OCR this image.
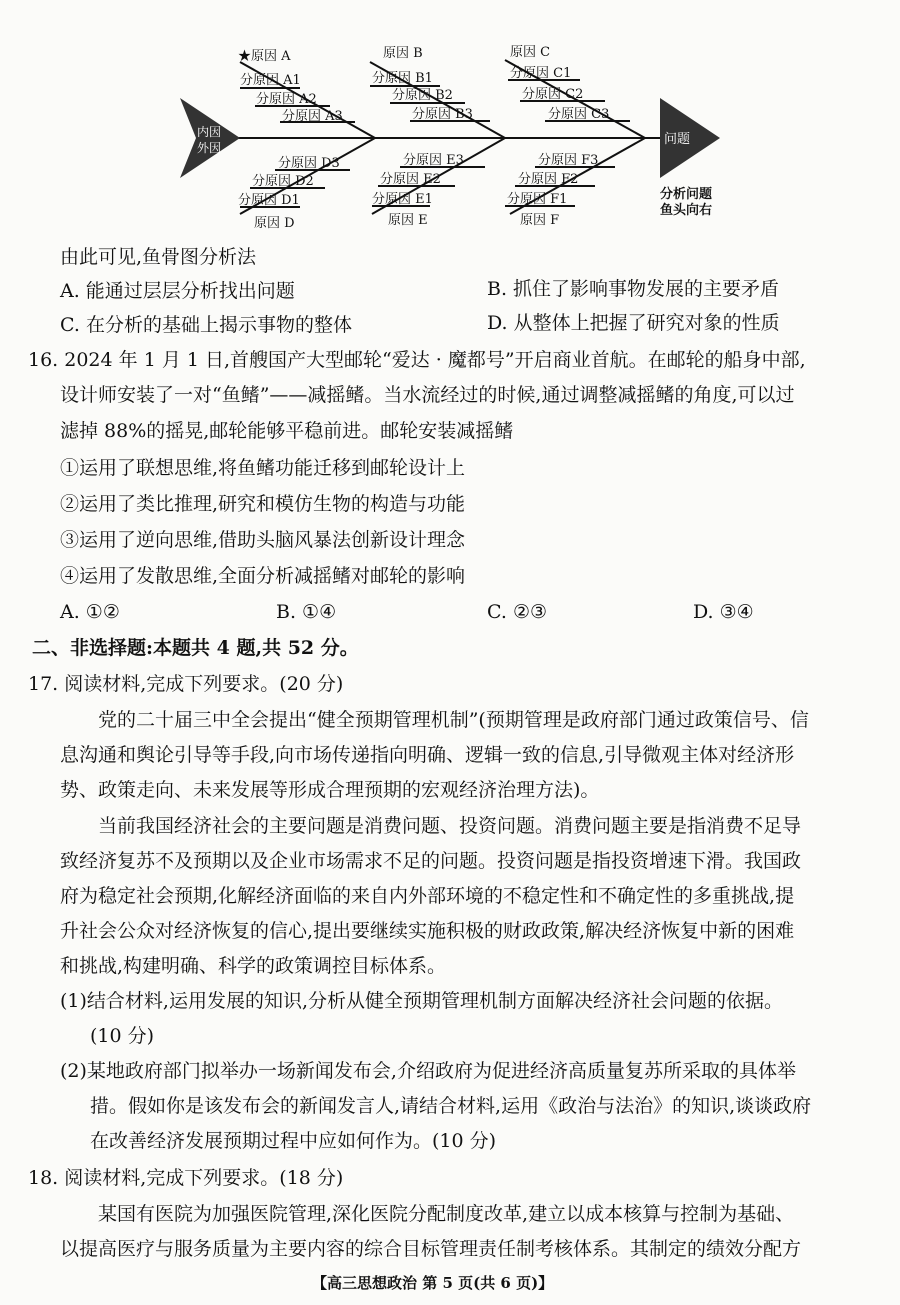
内因
外因
问题
分析问题
鱼头向右
★原因 A
分原因 A1
分原因 A2
分原因 A3
原因 B
分原因 B1
分原因 B2
分原因 B3
原因 C
分原因 C1
分原因 C2
分原因 C3
分原因 D3
分原因 D2
分原因 D1
原因 D
分原因 E3
分原因 E2
分原因 E1
原因 E
分原因 F3
分原因 F2
分原因 F1
原因 F
由此可见,鱼骨图分析法
A. 能通过层层分析找出问题	B. 抓住了影响事物发展的主要矛盾
C. 在分析的基础上揭示事物的整体	D. 从整体上把握了研究对象的性质
16. 2024 年 1 月 1 日,首艘国产大型邮轮“爱达 · 魔都号”开启商业首航。在邮轮的船身中部,
设计师安装了一对“鱼鳍”——减摇鳍。当水流经过的时候,通过调整减摇鳍的角度,可以过
滤掉 88%的摇晃,邮轮能够平稳前进。邮轮安装减摇鳍
①运用了联想思维,将鱼鳍功能迁移到邮轮设计上
②运用了类比推理,研究和模仿生物的构造与功能
③运用了逆向思维,借助头脑风暴法创新设计理念
④运用了发散思维,全面分析减摇鳍对邮轮的影响
A. ①②	B. ①④	C. ②③	D. ③④
二、非选择题:本题共 4 题,共 52 分。
17. 阅读材料,完成下列要求。(20 分)
党的二十届三中全会提出“健全预期管理机制”(预期管理是政府部门通过政策信号、信
息沟通和舆论引导等手段,向市场传递指向明确、逻辑一致的信息,引导微观主体对经济形
势、政策走向、未来发展等形成合理预期的宏观经济治理方法)。
当前我国经济社会的主要问题是消费问题、投资问题。消费问题主要是指消费不足导
致经济复苏不及预期以及企业市场需求不足的问题。投资问题是指投资增速下滑。我国政
府为稳定社会预期,化解经济面临的来自内外部环境的不稳定性和不确定性的多重挑战,提
升社会公众对经济恢复的信心,提出要继续实施积极的财政政策,解决经济恢复中新的困难
和挑战,构建明确、科学的政策调控目标体系。
(1)结合材料,运用发展的知识,分析从健全预期管理机制方面解决经济社会问题的依据。
(10 分)
(2)某地政府部门拟举办一场新闻发布会,介绍政府为促进经济高质量复苏所采取的具体举
措。假如你是该发布会的新闻发言人,请结合材料,运用《政治与法治》的知识,谈谈政府
在改善经济发展预期过程中应如何作为。(10 分)
18. 阅读材料,完成下列要求。(18 分)
某国有医院为加强医院管理,深化医院分配制度改革,建立以成本核算与控制为基础、
以提高医疗与服务质量为主要内容的综合目标管理责任制考核体系。其制定的绩效分配方
【高三思想政治 第 5 页(共 6 页)】
